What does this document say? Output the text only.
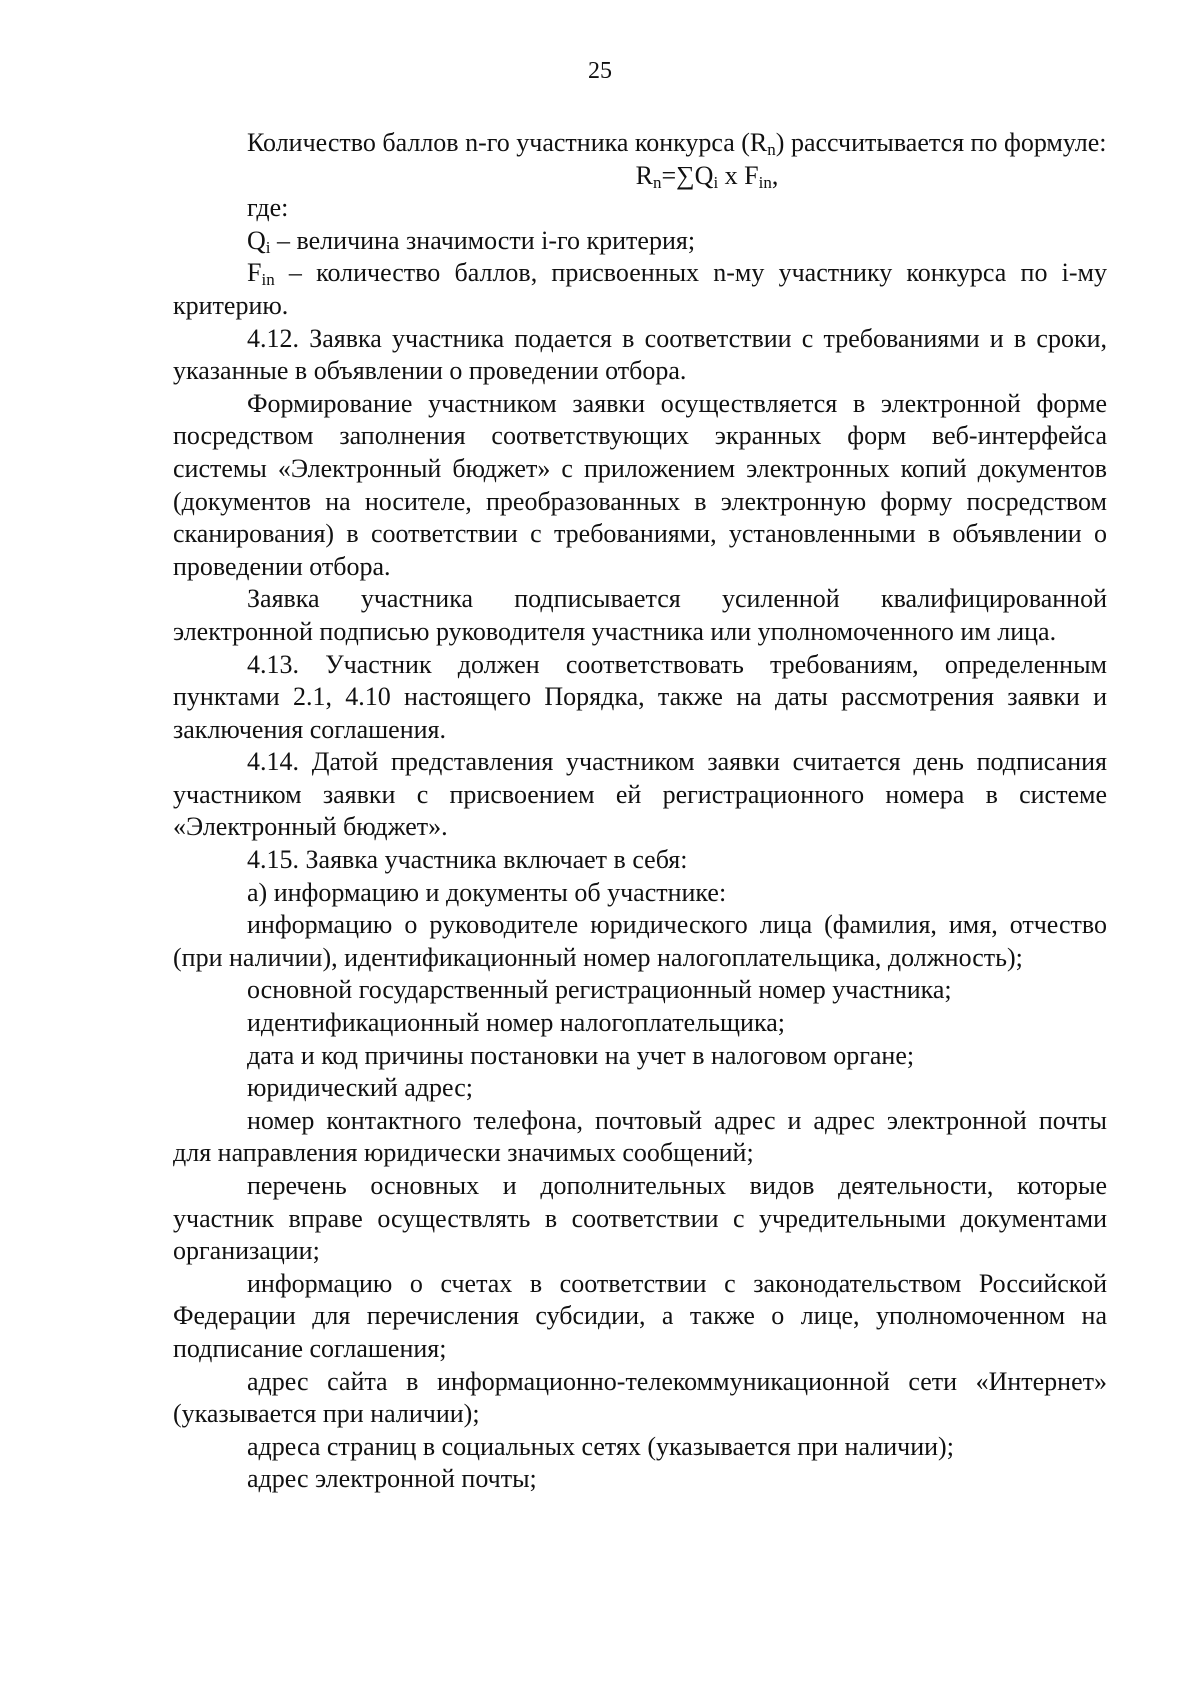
25

Количество баллов n-го участника конкурса $(R_n)$ рассчитывается по формуле:

$R_n=\sum Q_i$ x $F_{in}$,

где:

$Q_i$ – величина значимости i-го критерия;

$F_{in}$ – количество баллов, присвоенных n-му участнику конкурса по i-му критерию.

4.12. Заявка участника подается в соответствии с требованиями и в сроки, указанные в объявлении о проведении отбора.

Формирование участником заявки осуществляется в электронной форме посредством заполнения соответствующих экранных форм веб-интерфейса системы «Электронный бюджет» с приложением электронных копий документов (документов на носителе, преобразованных в электронную форму посредством сканирования) в соответствии с требованиями, установленными в объявлении о проведении отбора.

Заявка участника подписывается усиленной квалифицированной электронной подписью руководителя участника или уполномоченного им лица.

4.13. Участник должен соответствовать требованиям, определенным пунктами 2.1, 4.10 настоящего Порядка, также на даты рассмотрения заявки и заключения соглашения.

4.14. Датой представления участником заявки считается день подписания участником заявки с присвоением ей регистрационного номера в системе «Электронный бюджет».

4.15. Заявка участника включает в себя:

а) информацию и документы об участнике:

информацию о руководителе юридического лица (фамилия, имя, отчество (при наличии), идентификационный номер налогоплательщика, должность);

основной государственный регистрационный номер участника;

идентификационный номер налогоплательщика;

дата и код причины постановки на учет в налоговом органе;

юридический адрес;

номер контактного телефона, почтовый адрес и адрес электронной почты для направления юридически значимых сообщений;

перечень основных и дополнительных видов деятельности, которые участник вправе осуществлять в соответствии с учредительными документами организации;

информацию о счетах в соответствии с законодательством Российской Федерации для перечисления субсидии, а также о лице, уполномоченном на подписание соглашения;

адрес сайта в информационно-телекоммуникационной сети «Интернет» (указывается при наличии);

адреса страниц в социальных сетях (указывается при наличии);

адрес электронной почты;
